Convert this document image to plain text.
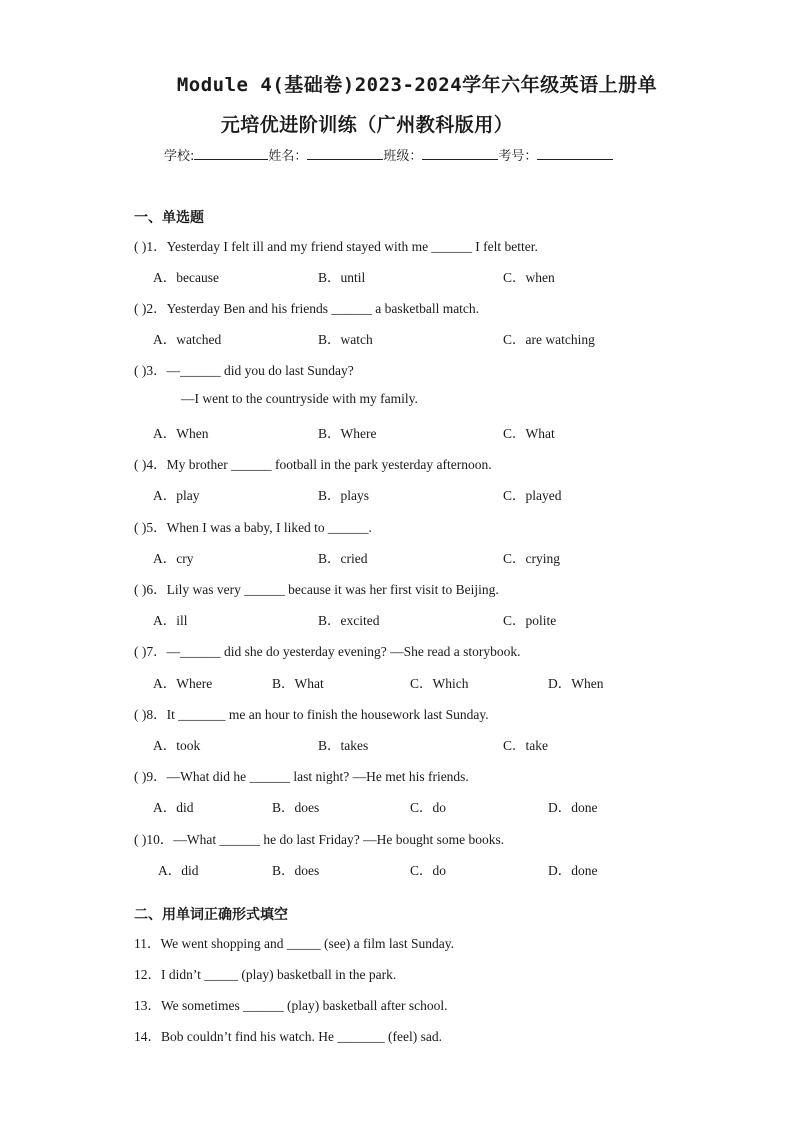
Module 4(基础卷)2023-2024学年六年级英语上册单
元培优进阶训练（广州教科版用）
学校:	姓名：	班级：	考号：
一、单选题
( )1．Yesterday I felt ill and my friend stayed with me ______ I felt better.
A．because	B．until	C．when
( )2．Yesterday Ben and his friends ______ a basketball match.
A．watched	B．watch	C．are watching
( )3．—______ did you do last Sunday?
—I went to the countryside with my family.
A．When	B．Where	C．What
( )4．My brother ______ football in the park yesterday afternoon.
A．play	B．plays	C．played
( )5．When I was a baby, I liked to ______.
A．cry	B．cried	C．crying
( )6．Lily was very ______ because it was her first visit to Beijing.
A．ill	B．excited	C．polite
( )7．—______ did she do yesterday evening? —She read a storybook.
A．Where	B．What	C．Which	D．When
( )8．It _______ me an hour to finish the housework last Sunday.
A．took	B．takes	C．take
( )9．—What did he ______ last night? —He met his friends.
A．did	B．does	C．do	D．done
( )10．—What ______ he do last Friday? —He bought some books.
A．did	B．does	C．do	D．done
二、用单词正确形式填空
11．We went shopping and _____ (see) a film last Sunday.
12．I didn’t _____ (play) basketball in the park.
13．We sometimes ______ (play) basketball after school.
14．Bob couldn’t find his watch. He _______ (feel) sad.
